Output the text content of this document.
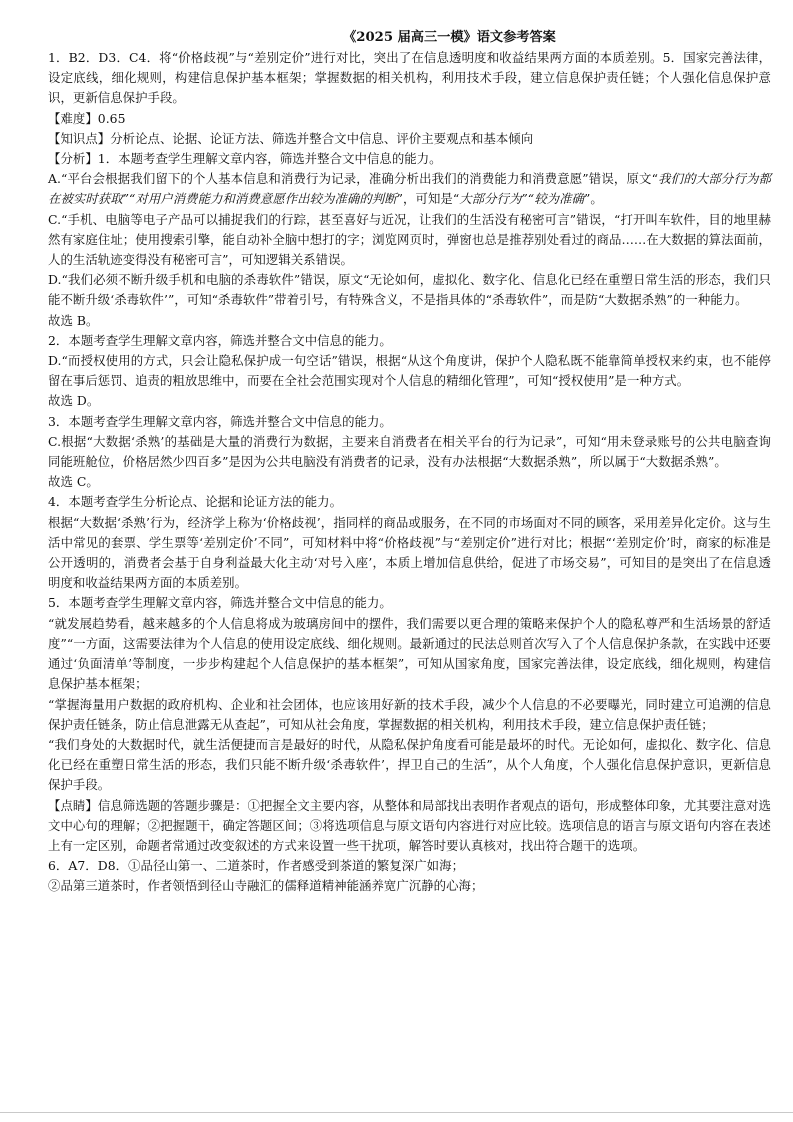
《2025 届高三一模》语文参考答案

1．B2．D3．C4．将“价格歧视”与“差别定价”进行对比，突出了在信息透明度和收益结果两方面的本质差别。5．国家完善法律，设定底线，细化规则，构建信息保护基本框架；掌握数据的相关机构，利用技术手段，建立信息保护责任链；个人强化信息保护意识，更新信息保护手段。

【难度】0.65

【知识点】分析论点、论据、论证方法、筛选并整合文中信息、评价主要观点和基本倾向

【分析】1．本题考查学生理解文章内容，筛选并整合文中信息的能力。

A.“平台会根据我们留下的个人基本信息和消费行为记录，准确分析出我们的消费能力和消费意愿”错误，原文“我们的大部分行为都在被实时获取”“对用户消费能力和消费意愿作出较为准确的判断”，可知是“大部分行为”“较为准确”。

C.“手机、电脑等电子产品可以捕捉我们的行踪，甚至喜好与近况，让我们的生活没有秘密可言”错误，“打开叫车软件，目的地里赫然有家庭住址；使用搜索引擎，能自动补全脑中想打的字；浏览网页时，弹窗也总是推荐别处看过的商品……在大数据的算法面前，人的生活轨迹变得没有秘密可言”，可知逻辑关系错误。

D.“我们必须不断升级手机和电脑的杀毒软件”错误，原文“无论如何，虚拟化、数字化、信息化已经在重塑日常生活的形态，我们只能不断升级‘杀毒软件’”，可知“杀毒软件”带着引号，有特殊含义，不是指具体的“杀毒软件”，而是防“大数据杀熟”的一种能力。

故选 B。

2．本题考查学生理解文章内容，筛选并整合文中信息的能力。

D.“而授权使用的方式，只会让隐私保护成一句空话”错误，根据“从这个角度讲，保护个人隐私既不能靠简单授权来约束，也不能停留在事后惩罚、追责的粗放思维中，而要在全社会范围实现对个人信息的精细化管理”，可知“授权使用”是一种方式。

故选 D。

3．本题考查学生理解文章内容，筛选并整合文中信息的能力。

C.根据“大数据‘杀熟’的基础是大量的消费行为数据，主要来自消费者在相关平台的行为记录”，可知“用未登录账号的公共电脑查询同能班舱位，价格居然少四百多”是因为公共电脑没有消费者的记录，没有办法根据“大数据杀熟”，所以属于“大数据杀熟”。

故选 C。

4．本题考查学生分析论点、论据和论证方法的能力。

根据“大数据‘杀熟’行为，经济学上称为‘价格歧视’，指同样的商品或服务，在不同的市场面对不同的顾客，采用差异化定价。这与生活中常见的套票、学生票等‘差别定价’不同”，可知材料中将“价格歧视”与“差别定价”进行对比；根据“‘差别定价’时，商家的标准是公开透明的，消费者会基于自身利益最大化主动‘对号入座’，本质上增加信息供给，促进了市场交易”，可知目的是突出了在信息透明度和收益结果两方面的本质差别。

5．本题考查学生理解文章内容，筛选并整合文中信息的能力。

“就发展趋势看，越来越多的个人信息将成为玻璃房间中的摆件，我们需要以更合理的策略来保护个人的隐私尊严和生活场景的舒适度”“一方面，这需要法律为个人信息的使用设定底线、细化规则。最新通过的民法总则首次写入了个人信息保护条款，在实践中还要通过‘负面清单’等制度，一步步构建起个人信息保护的基本框架”，可知从国家角度，国家完善法律，设定底线，细化规则，构建信息保护基本框架；

“掌握海量用户数据的政府机构、企业和社会团体，也应该用好新的技术手段，减少个人信息的不必要曝光，同时建立可追溯的信息保护责任链条，防止信息泄露无从查起”，可知从社会角度，掌握数据的相关机构，利用技术手段，建立信息保护责任链；

“我们身处的大数据时代，就生活便捷而言是最好的时代，从隐私保护角度看可能是最坏的时代。无论如何，虚拟化、数字化、信息化已经在重塑日常生活的形态，我们只能不断升级‘杀毒软件’，捍卫自己的生活”，从个人角度，个人强化信息保护意识，更新信息保护手段。

【点睛】信息筛选题的答题步骤是：①把握全文主要内容，从整体和局部找出表明作者观点的语句，形成整体印象，尤其要注意对选文中心句的理解；②把握题干，确定答题区间；③将选项信息与原文语句内容进行对应比较。选项信息的语言与原文语句内容在表述上有一定区别，命题者常通过改变叙述的方式来设置一些干扰项，解答时要认真核对，找出符合题干的选项。

6．A7．D8．①品径山第一、二道茶时，作者感受到茶道的繁复深广如海；

②品第三道茶时，作者领悟到径山寺融汇的儒释道精神能涵养宽广沉静的心海；
